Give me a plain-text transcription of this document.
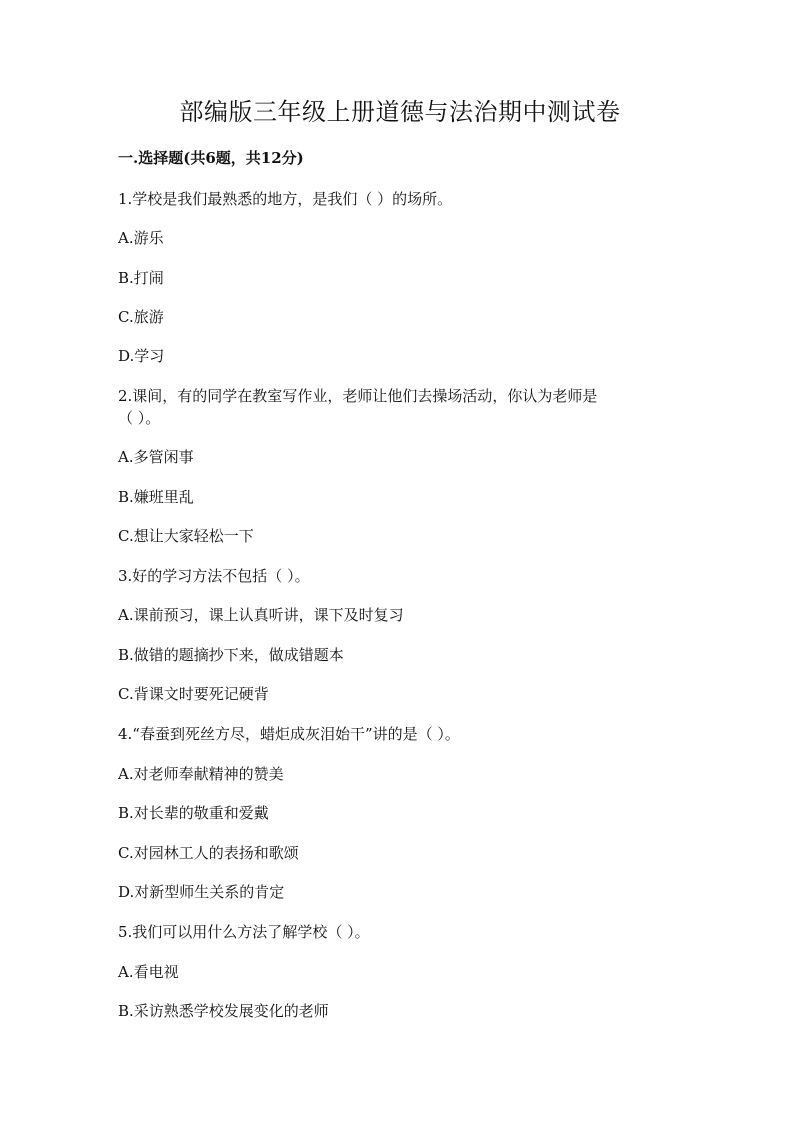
部编版三年级上册道德与法治期中测试卷
一.选择题(共6题，共12分)
1.学校是我们最熟悉的地方，是我们（ ）的场所。
A.游乐
B.打闹
C.旅游
D.学习
2.课间，有的同学在教室写作业，老师让他们去操场活动，你认为老师是
（ ）。
A.多管闲事
B.嫌班里乱
C.想让大家轻松一下
3.好的学习方法不包括（ ）。
A.课前预习，课上认真听讲，课下及时复习
B.做错的题摘抄下来，做成错题本
C.背课文时要死记硬背
4.“春蚕到死丝方尽，蜡炬成灰泪始干”讲的是（ ）。
A.对老师奉献精神的赞美
B.对长辈的敬重和爱戴
C.对园林工人的表扬和歌颂
D.对新型师生关系的肯定
5.我们可以用什么方法了解学校（ ）。
A.看电视
B.采访熟悉学校发展变化的老师
